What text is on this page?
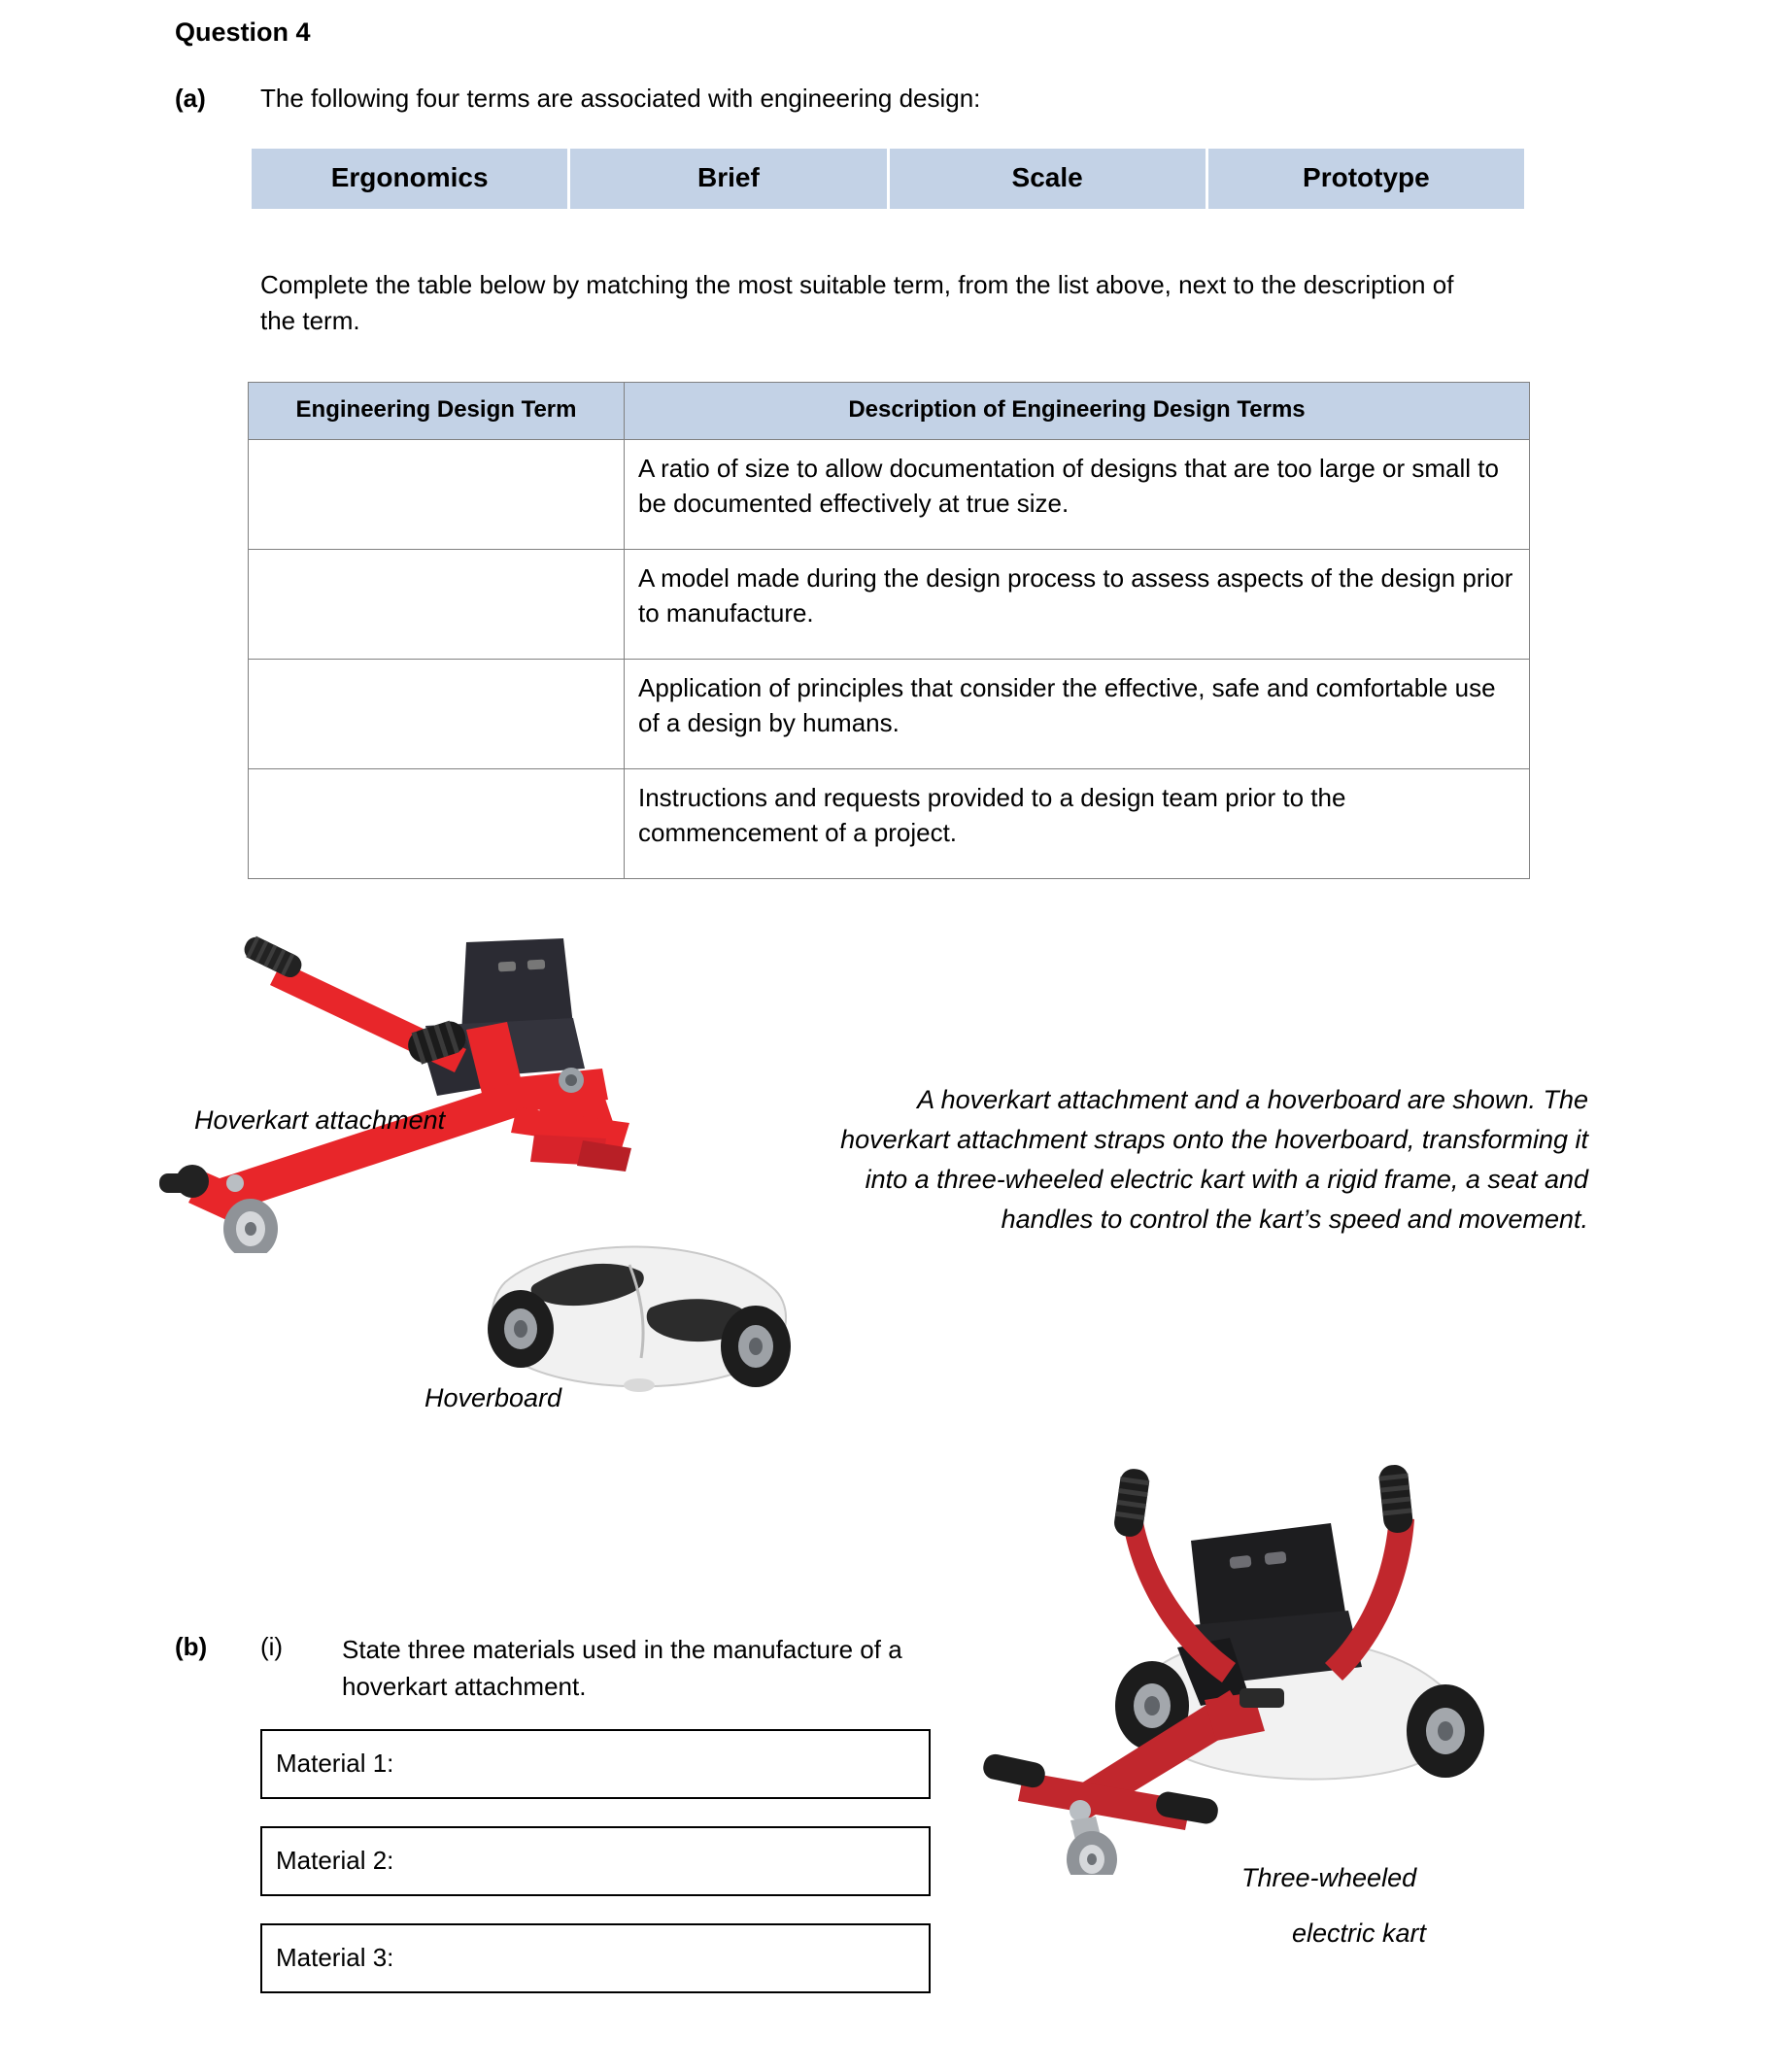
Question 4
(a) The following four terms are associated with engineering design:
Ergonomics	Brief	Scale	Prototype
Complete the table below by matching the most suitable term, from the list above, next to the description of the term.
Engineering Design Term	Description of Engineering Design Terms
	A ratio of size to allow documentation of designs that are too large or small to be documented effectively at true size.
	A model made during the design process to assess aspects of the design prior to manufacture.
	Application of principles that consider the effective, safe and comfortable use of a design by humans.
	Instructions and requests provided to a design team prior to the commencement of a project.
Hoverkart attachment
Hoverboard
Three-wheeled
electric kart
A hoverkart attachment and a hoverboard are shown. The hoverkart attachment straps onto the hoverboard, transforming it into a three-wheeled electric kart with a rigid frame, a seat and handles to control the kart’s speed and movement.
(b) (i) State three materials used in the manufacture of a hoverkart attachment.
Material 1:
Material 2:
Material 3:
